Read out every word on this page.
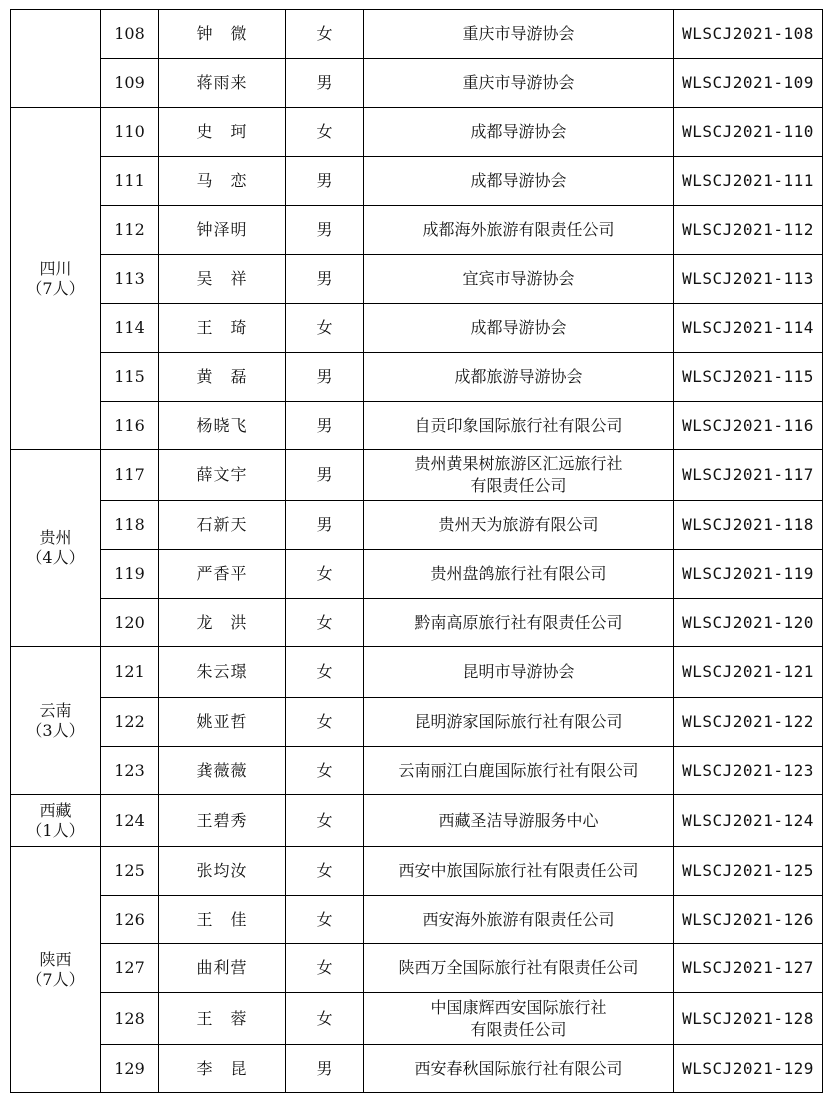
	108	钟　微	女	重庆市导游协会	WLSCJ2021-108
	109	蒋雨来	男	重庆市导游协会	WLSCJ2021-109

四川
（7人）	110	史　珂	女	成都导游协会	WLSCJ2021-110
	111	马　恋	男	成都导游协会	WLSCJ2021-111
	112	钟泽明	男	成都海外旅游有限责任公司	WLSCJ2021-112
	113	吴　祥	男	宜宾市导游协会	WLSCJ2021-113
	114	王　琦	女	成都导游协会	WLSCJ2021-114
	115	黄　磊	男	成都旅游导游协会	WLSCJ2021-115
	116	杨晓飞	男	自贡印象国际旅行社有限公司	WLSCJ2021-116

贵州
（4人）	117	薛文宇	男	贵州黄果树旅游区汇远旅行社
有限责任公司	WLSCJ2021-117
	118	石新天	男	贵州天为旅游有限公司	WLSCJ2021-118
	119	严香平	女	贵州盘鸽旅行社有限公司	WLSCJ2021-119
	120	龙　洪	女	黔南高原旅行社有限责任公司	WLSCJ2021-120

云南
（3人）	121	朱云璟	女	昆明市导游协会	WLSCJ2021-121
	122	姚亚哲	女	昆明游家国际旅行社有限公司	WLSCJ2021-122
	123	龚薇薇	女	云南丽江白鹿国际旅行社有限公司	WLSCJ2021-123

西藏
（1人）	124	王碧秀	女	西藏圣洁导游服务中心	WLSCJ2021-124

陕西
（7人）	125	张均汝	女	西安中旅国际旅行社有限责任公司	WLSCJ2021-125
	126	王　佳	女	西安海外旅游有限责任公司	WLSCJ2021-126
	127	曲利营	女	陕西万全国际旅行社有限责任公司	WLSCJ2021-127
	128	王　蓉	女	中国康辉西安国际旅行社
有限责任公司	WLSCJ2021-128
	129	李　昆	男	西安春秋国际旅行社有限公司	WLSCJ2021-129
